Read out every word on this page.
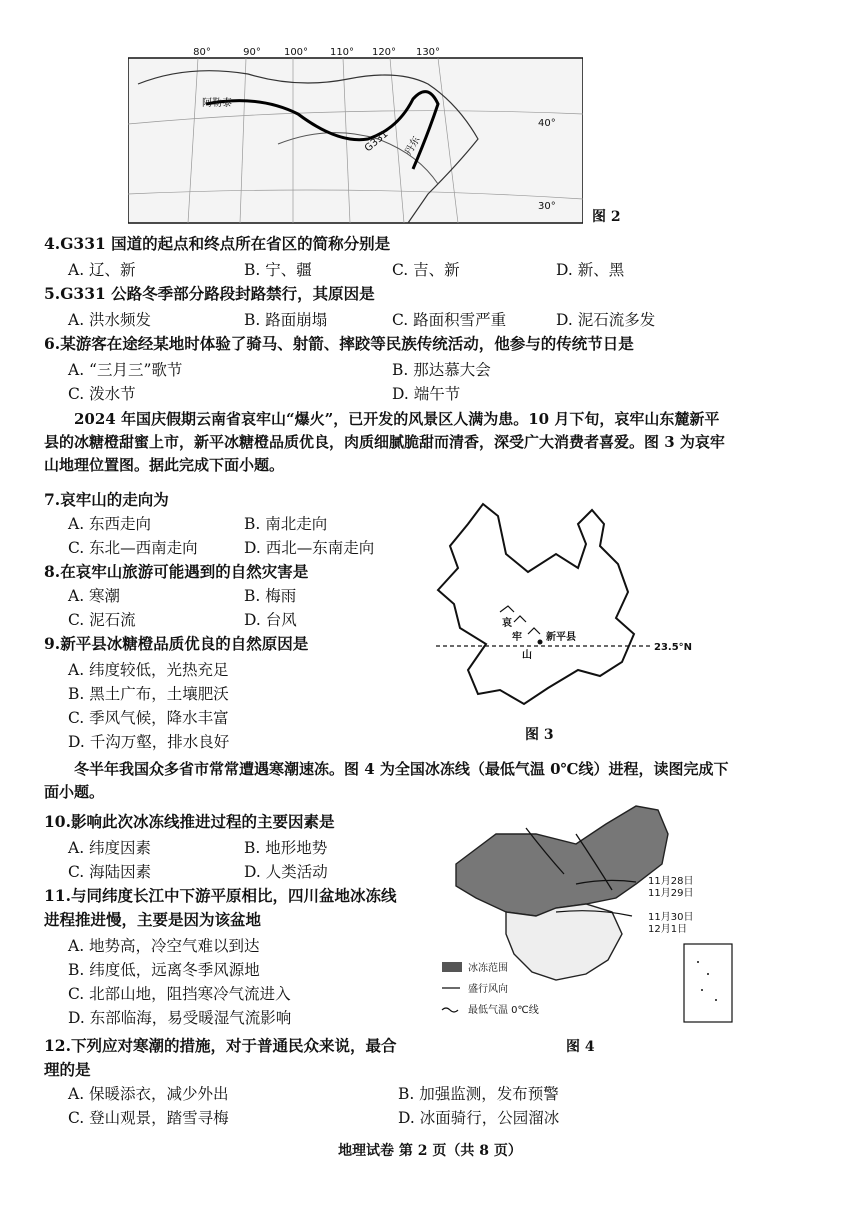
80°	90° 100° 110° 120° 130°
40°
30°
阿勒泰
G331 丹东
图 2
4.G331 国道的起点和终点所在省区的简称分别是
A. 辽、新	B. 宁、疆	C. 吉、新	D. 新、黑
5.G331 公路冬季部分路段封路禁行，其原因是
A. 洪水频发	B. 路面崩塌	C. 路面积雪严重	D. 泥石流多发
6.某游客在途经某地时体验了骑马、射箭、摔跤等民族传统活动，他参与的传统节日是
A. “三月三”歌节	B. 那达慕大会
C. 泼水节	D. 端午节
2024 年国庆假期云南省哀牢山“爆火”，已开发的风景区人满为患。10 月下旬，哀牢山东麓新平县的冰糖橙甜蜜上市，新平冰糖橙品质优良，肉质细腻脆甜而清香，深受广大消费者喜爱。图 3 为哀牢山地理位置图。据此完成下面小题。
7.哀牢山的走向为
A. 东西走向	B. 南北走向
C. 东北—西南走向	D. 西北—东南走向
8.在哀牢山旅游可能遇到的自然灾害是
A. 寒潮	B. 梅雨
C. 泥石流	D. 台风
9.新平县冰糖橙品质优良的自然原因是
A. 纬度较低，光热充足
B. 黑土广布，土壤肥沃
C. 季风气候，降水丰富
D. 千沟万壑，排水良好
哀
牢
山
新平县
23.5°N
图 3
冬半年我国众多省市常常遭遇寒潮速冻。图 4 为全国冰冻线（最低气温 0℃线）进程，读图完成下面小题。
10.影响此次冰冻线推进过程的主要因素是
A. 纬度因素	B. 地形地势
C. 海陆因素	D. 人类活动
11.与同纬度长江中下游平原相比，四川盆地冰冻线
进程推进慢，主要是因为该盆地
A. 地势高，冷空气难以到达
B. 纬度低，远离冬季风源地
C. 北部山地，阻挡寒冷气流进入
D. 东部临海，易受暖湿气流影响
12.下列应对寒潮的措施，对于普通民众来说，最合
理的是
A. 保暖添衣，减少外出	B. 加强监测，发布预警
C. 登山观景，踏雪寻梅	D. 冰面骑行，公园溜冰
11月28日
11月29日
11月30日
12月1日
冰冻范围
盛行风向
最低气温 0℃线
图 4
地理试卷 第 2 页（共 8 页）
